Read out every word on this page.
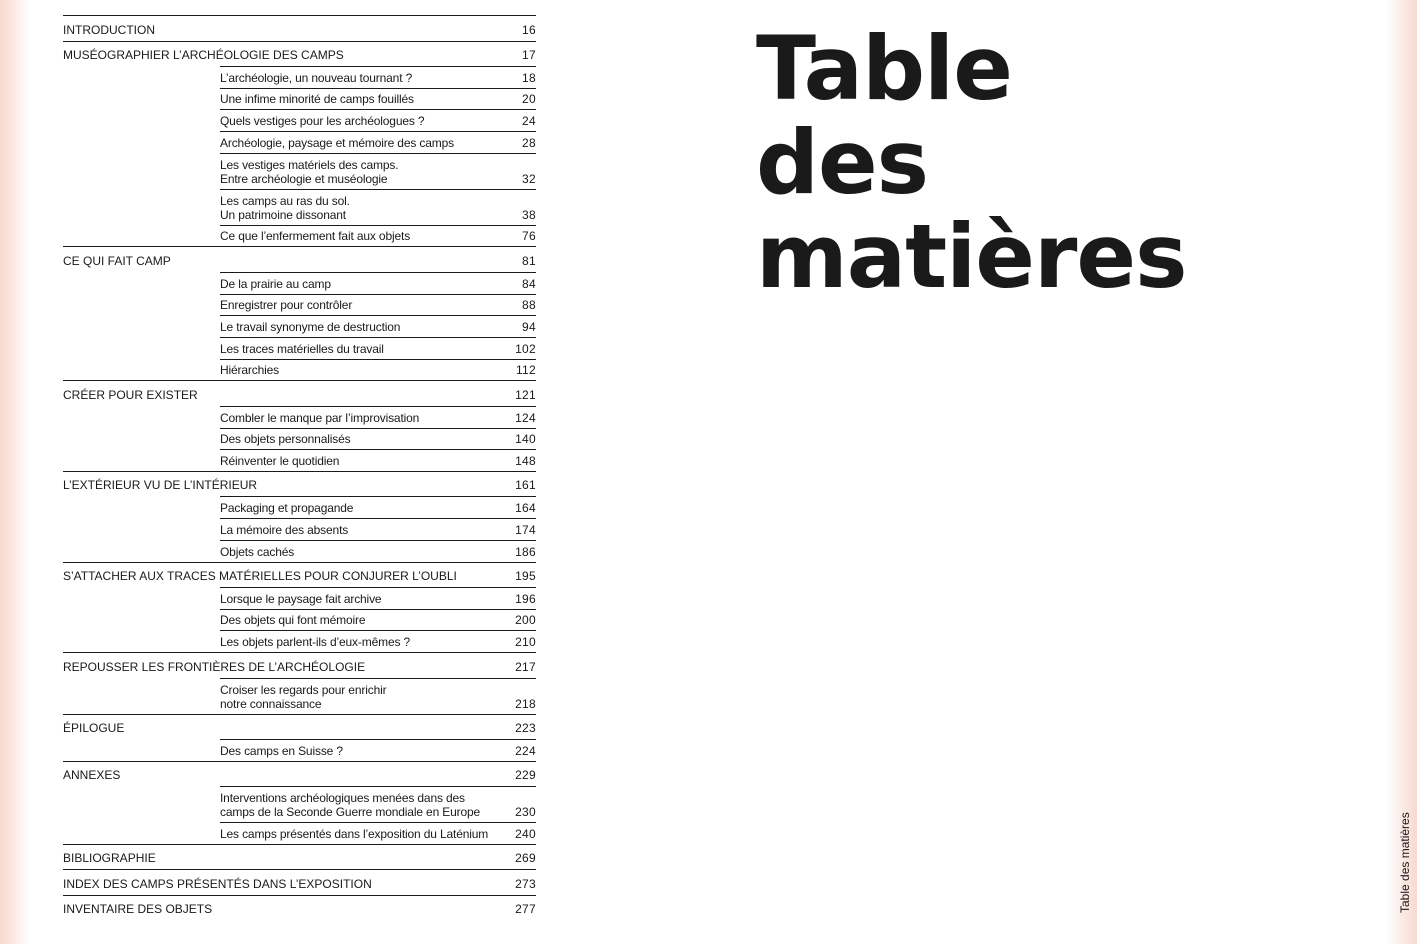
INTRODUCTION	16
MUSÉOGRAPHIER L’ARCHÉOLOGIE DES CAMPS	17
L’archéologie, un nouveau tournant ?	18
Une infime minorité de camps fouillés	20
Quels vestiges pour les archéologues ?	24
Archéologie, paysage et mémoire des camps	28
Les vestiges matériels des camps.
Entre archéologie et muséologie	32
Les camps au ras du sol.
Un patrimoine dissonant	38
Ce que l’enfermement fait aux objets	76
CE QUI FAIT CAMP	81
De la prairie au camp	84
Enregistrer pour contrôler	88
Le travail synonyme de destruction	94
Les traces matérielles du travail	102
Hiérarchies	112
CRÉER POUR EXISTER	121
Combler le manque par l’improvisation	124
Des objets personnalisés	140
Réinventer le quotidien	148
L’EXTÉRIEUR VU DE L’INTÉRIEUR	161
Packaging et propagande	164
La mémoire des absents	174
Objets cachés	186
S’ATTACHER AUX TRACES MATÉRIELLES POUR CONJURER L’OUBLI	195
Lorsque le paysage fait archive	196
Des objets qui font mémoire	200
Les objets parlent-ils d’eux-mêmes ?	210
REPOUSSER LES FRONTIÈRES DE L’ARCHÉOLOGIE	217
Croiser les regards pour enrichir
notre connaissance	218
ÉPILOGUE	223
Des camps en Suisse ?	224
ANNEXES	229
Interventions archéologiques menées dans des
camps de la Seconde Guerre mondiale en Europe	230
Les camps présentés dans l’exposition du Laténium	240
BIBLIOGRAPHIE	269
INDEX DES CAMPS PRÉSENTÉS DANS L’EXPOSITION	273
INVENTAIRE DES OBJETS	277
Table
des
matières
Table des matières
